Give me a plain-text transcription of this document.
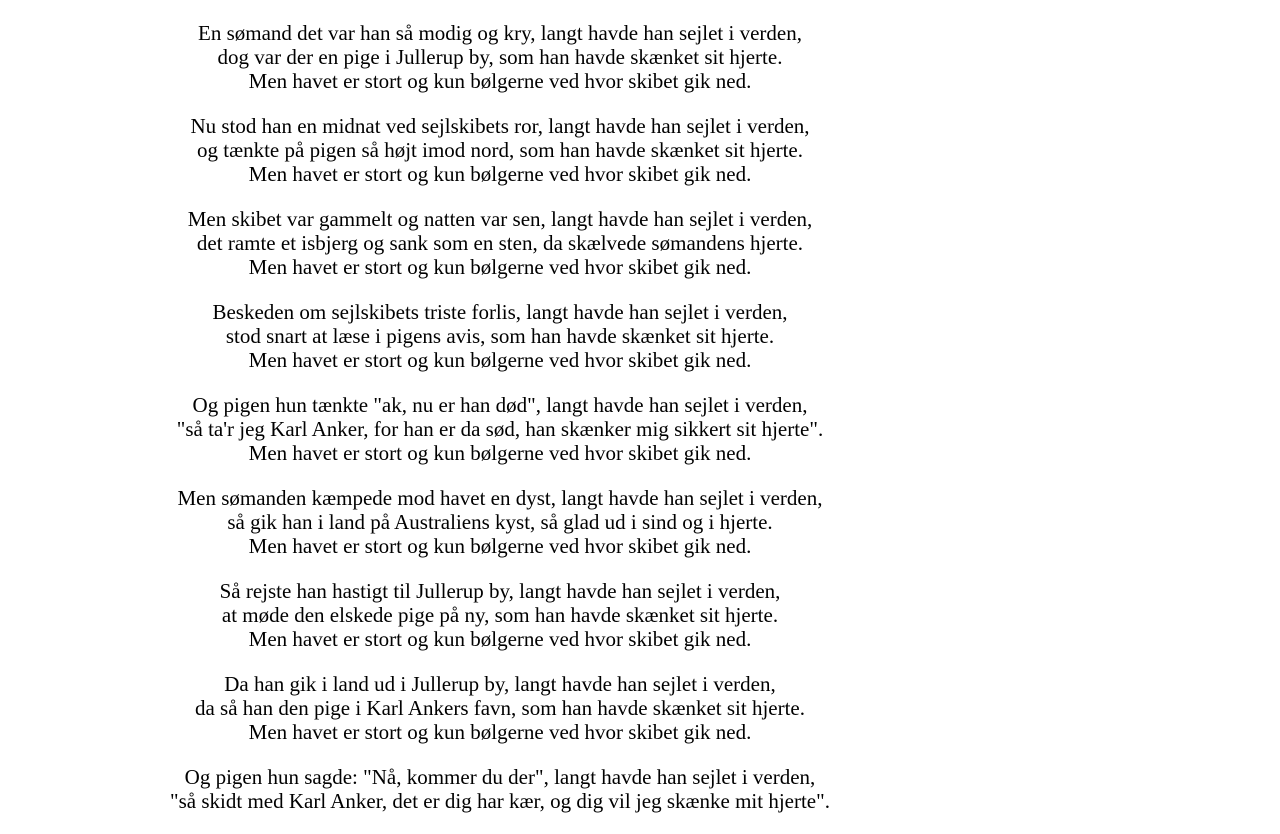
En sømand det var han så modig og kry, langt havde han sejlet i verden,
dog var der en pige i Jullerup by, som han havde skænket sit hjerte.
Men havet er stort og kun bølgerne ved hvor skibet gik ned.
Nu stod han en midnat ved sejlskibets ror, langt havde han sejlet i verden,
og tænkte på pigen så højt imod nord, som han havde skænket sit hjerte.
Men havet er stort og kun bølgerne ved hvor skibet gik ned.
Men skibet var gammelt og natten var sen, langt havde han sejlet i verden,
det ramte et isbjerg og sank som en sten, da skælvede sømandens hjerte.
Men havet er stort og kun bølgerne ved hvor skibet gik ned.
Beskeden om sejlskibets triste forlis, langt havde han sejlet i verden,
stod snart at læse i pigens avis, som han havde skænket sit hjerte.
Men havet er stort og kun bølgerne ved hvor skibet gik ned.
Og pigen hun tænkte "ak, nu er han død", langt havde han sejlet i verden,
"så ta'r jeg Karl Anker, for han er da sød, han skænker mig sikkert sit hjerte".
Men havet er stort og kun bølgerne ved hvor skibet gik ned.
Men sømanden kæmpede mod havet en dyst, langt havde han sejlet i verden,
så gik han i land på Australiens kyst, så glad ud i sind og i hjerte.
Men havet er stort og kun bølgerne ved hvor skibet gik ned.
Så rejste han hastigt til Jullerup by, langt havde han sejlet i verden,
at møde den elskede pige på ny, som han havde skænket sit hjerte.
Men havet er stort og kun bølgerne ved hvor skibet gik ned.
Da han gik i land ud i Jullerup by, langt havde han sejlet i verden,
da så han den pige i Karl Ankers favn, som han havde skænket sit hjerte.
Men havet er stort og kun bølgerne ved hvor skibet gik ned.
Og pigen hun sagde: "Nå, kommer du der", langt havde han sejlet i verden,
"så skidt med Karl Anker, det er dig har kær, og dig vil jeg skænke mit hjerte".
